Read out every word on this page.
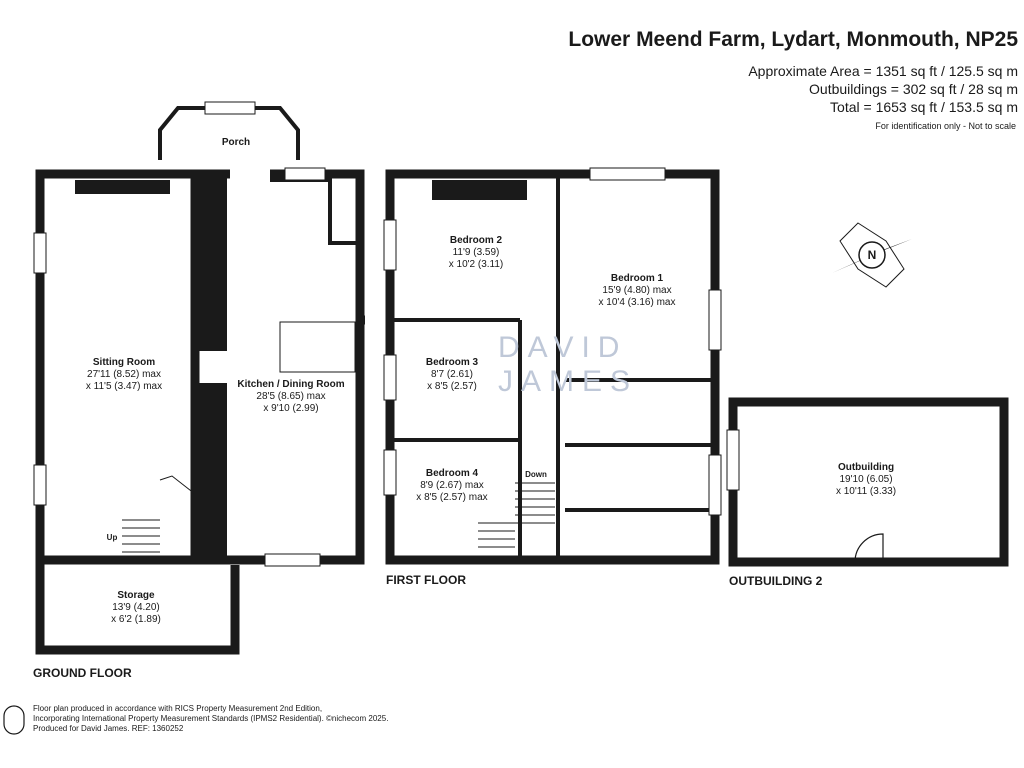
Lower Meend Farm, Lydart, Monmouth, NP25
Approximate Area = 1351 sq ft / 125.5 sq m
Outbuildings = 302 sq ft / 28 sq m
Total = 1653 sq ft / 153.5 sq m
For identification only - Not to scale
DAVID
JAMES
Porch
Sitting Room
27'11 (8.52) max
x 11'5 (3.47) max	Kitchen / Dining Room
28'5 (8.65) max
x 9'10 (2.99)
Storage
13'9 (4.20)
x 6'2 (1.89)
Bedroom 2
11'9 (3.59)
x 10'2 (3.11)
Bedroom 1
15'9 (4.80) max
x 10'4 (3.16) max
Bedroom 3
8'7 (2.61)
x 8'5 (2.57)
Bedroom 4
8'9 (2.67) max
x 8'5 (2.57) max
Outbuilding
19'10 (6.05)
x 10'11 (3.33)
Up
Down
N
GROUND FLOOR
FIRST FLOOR	OUTBUILDING 2
Floor plan produced in accordance with RICS Property Measurement 2nd Edition,
Incorporating International Property Measurement Standards (IPMS2 Residential). ©nichecom 2025.
Produced for David James. REF: 1360252
